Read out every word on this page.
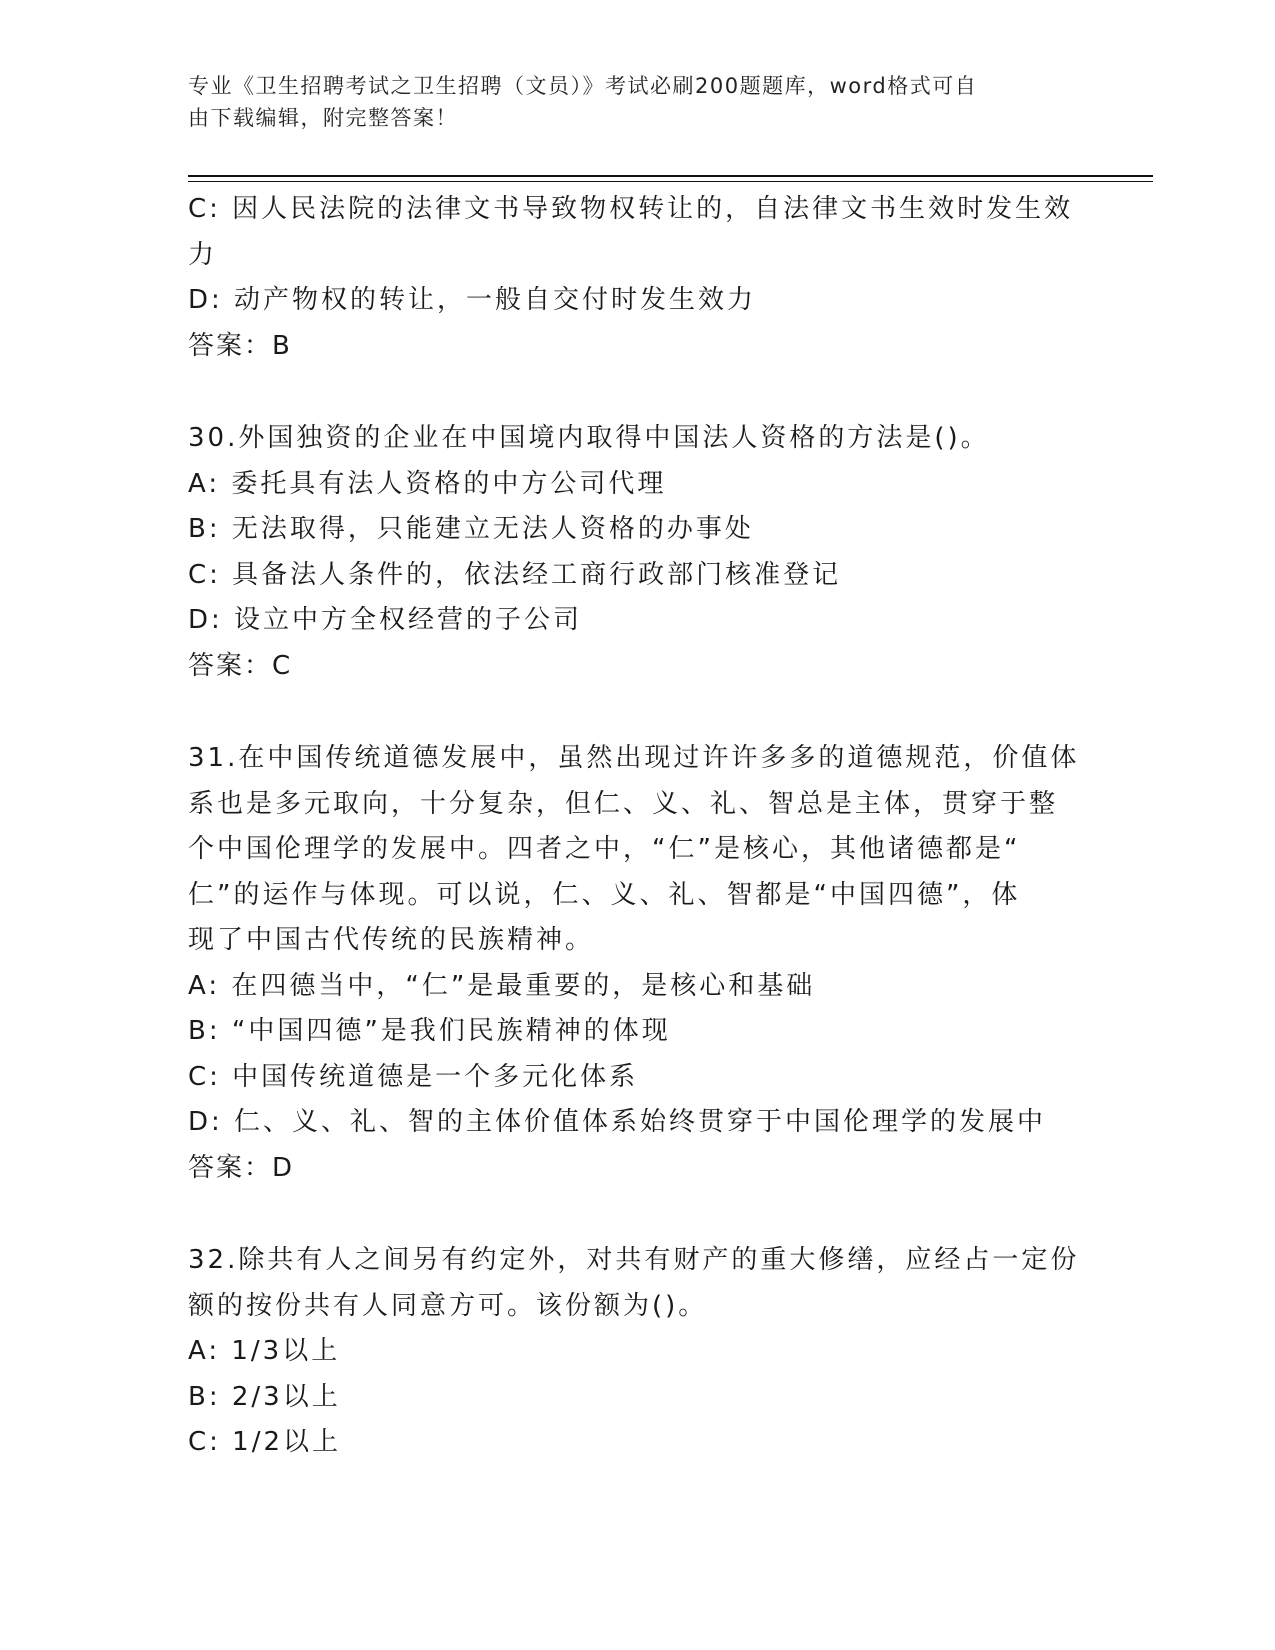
专业《卫生招聘考试之卫生招聘（文员）》考试必刷200题题库，word格式可自
由下载编辑，附完整答案！
C: 因人民法院的法律文书导致物权转让的，自法律文书生效时发生效
力
D: 动产物权的转让，一般自交付时发生效力
答案：B
30.外国独资的企业在中国境内取得中国法人资格的方法是()。
A: 委托具有法人资格的中方公司代理
B: 无法取得，只能建立无法人资格的办事处
C: 具备法人条件的，依法经工商行政部门核准登记
D: 设立中方全权经营的子公司
答案：C
31.在中国传统道德发展中，虽然出现过许许多多的道德规范，价值体
系也是多元取向，十分复杂，但仁、义、礼、智总是主体，贯穿于整
个中国伦理学的发展中。四者之中，“仁”是核心，其他诸德都是“
仁”的运作与体现。可以说，仁、义、礼、智都是“中国四德”，体
现了中国古代传统的民族精神。
A: 在四德当中，“仁”是最重要的，是核心和基础
B: “中国四德”是我们民族精神的体现
C: 中国传统道德是一个多元化体系
D: 仁、义、礼、智的主体价值体系始终贯穿于中国伦理学的发展中
答案：D
32.除共有人之间另有约定外，对共有财产的重大修缮，应经占一定份
额的按份共有人同意方可。该份额为()。
A: 1/3以上
B: 2/3以上
C: 1/2以上
